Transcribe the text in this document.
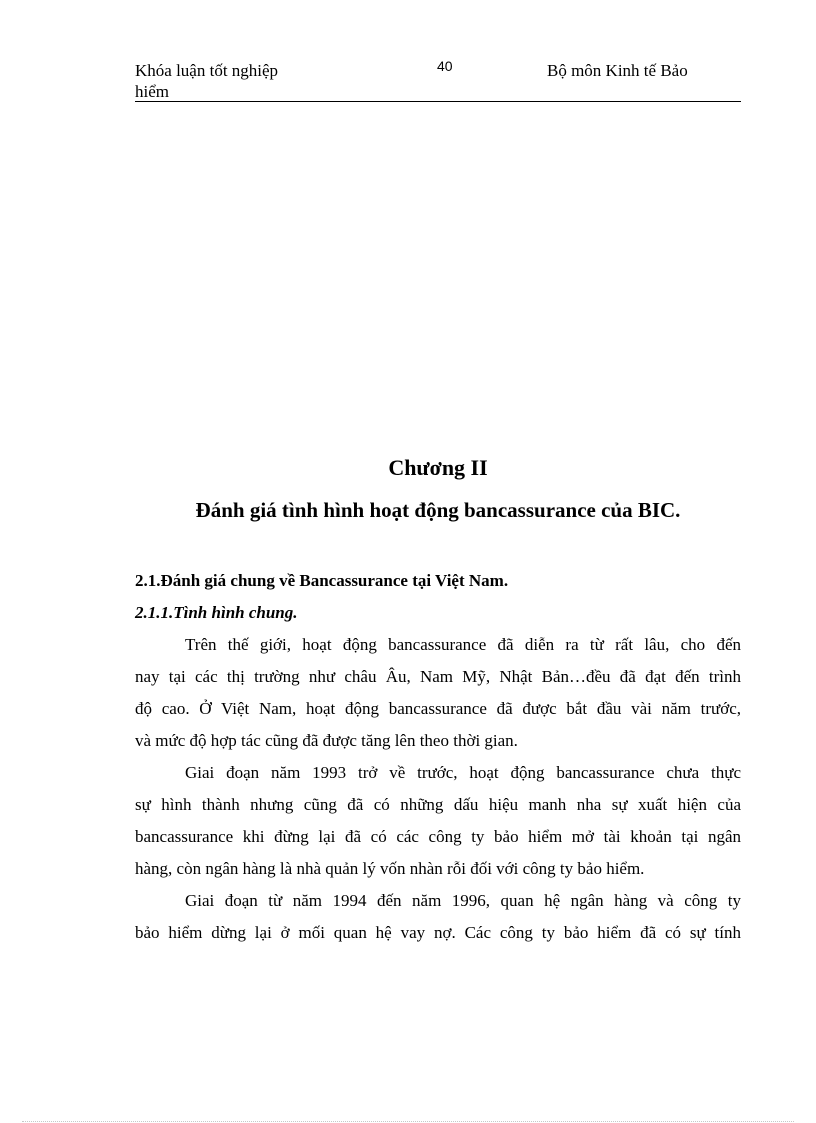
Khóa luận tốt nghiệp
hiểm
40	Bộ môn Kinh tế Bảo
Chương II
Đánh giá tình hình hoạt động bancassurance của BIC.
2.1.Đánh giá chung về Bancassurance tại Việt Nam.
2.1.1.Tình hình chung.
Trên thế giới, hoạt động bancassurance đã diễn ra từ rất lâu, cho đến
nay tại các thị trường như châu Âu, Nam Mỹ, Nhật Bản…đều đã đạt đến trình
độ cao. Ở Việt Nam, hoạt động bancassurance đã được bắt đầu vài năm trước,
và mức độ hợp tác cũng đã được tăng lên theo thời gian.
Giai đoạn năm 1993 trở về trước, hoạt động bancassurance chưa thực
sự hình thành nhưng cũng đã có những dấu hiệu manh nha sự xuất hiện của
bancassurance khi đừng lại đã có các công ty bảo hiểm mở tài khoản tại ngân
hàng, còn ngân hàng là nhà quản lý vốn nhàn rỗi đối với công ty bảo hiểm.
Giai đoạn từ năm 1994 đến năm 1996, quan hệ ngân hàng và công ty
bảo hiểm dừng lại ở mối quan hệ vay nợ. Các công ty bảo hiểm đã có sự tính
